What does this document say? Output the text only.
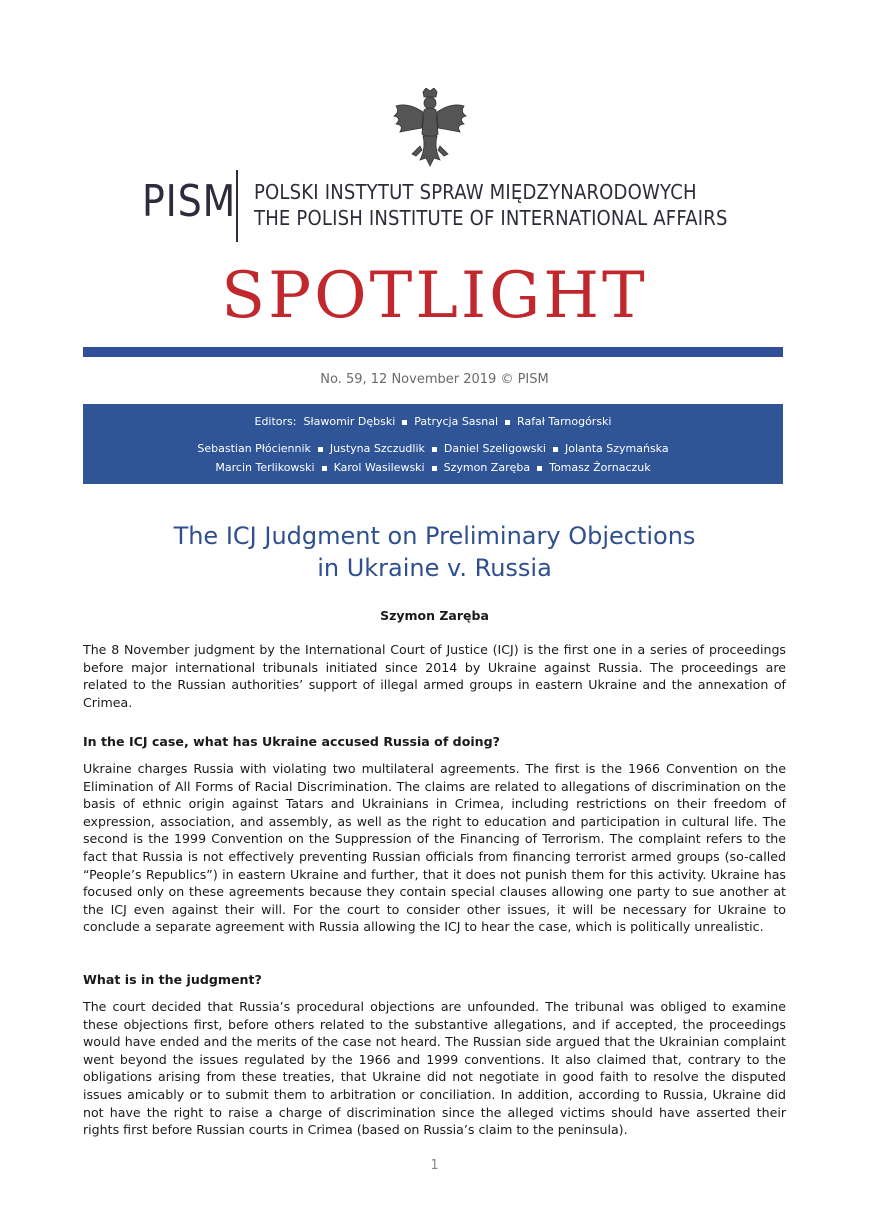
PISM POLSKI INSTYTUT SPRAW MIĘDZYNARODOWYCH
THE POLISH INSTITUTE OF INTERNATIONAL AFFAIRS
SPOTLIGHT
No. 59, 12 November 2019 © PISM
Editors: Sławomir Dębski Patrycja Sasnal Rafał Tarnogórski
Sebastian Płóciennik Justyna Szczudlik Daniel Szeligowski Jolanta Szymańska
Marcin Terlikowski Karol Wasilewski Szymon Zaręba Tomasz Żornaczuk
The ICJ Judgment on Preliminary Objections
in Ukraine v. Russia
Szymon Zaręba
The 8 November judgment by the International Court of Justice (ICJ) is the first one in a series of proceedings before major international tribunals initiated since 2014 by Ukraine against Russia. The proceedings are related to the Russian authorities’ support of illegal armed groups in eastern Ukraine and the annexation of Crimea.
In the ICJ case, what has Ukraine accused Russia of doing?
Ukraine charges Russia with violating two multilateral agreements. The first is the 1966 Convention on the Elimination of All Forms of Racial Discrimination. The claims are related to allegations of discrimination on the basis of ethnic origin against Tatars and Ukrainians in Crimea, including restrictions on their freedom of expression, association, and assembly, as well as the right to education and participation in cultural life. The second is the 1999 Convention on the Suppression of the Financing of Terrorism. The complaint refers to the fact that Russia is not effectively preventing Russian officials from financing terrorist armed groups (so-called “People’s Republics”) in eastern Ukraine and further, that it does not punish them for this activity. Ukraine has focused only on these agreements because they contain special clauses allowing one party to sue another at the ICJ even against their will. For the court to consider other issues, it will be necessary for Ukraine to conclude a separate agreement with Russia allowing the ICJ to hear the case, which is politically unrealistic.
What is in the judgment?
The court decided that Russia’s procedural objections are unfounded. The tribunal was obliged to examine these objections first, before others related to the substantive allegations, and if accepted, the proceedings would have ended and the merits of the case not heard. The Russian side argued that the Ukrainian complaint went beyond the issues regulated by the 1966 and 1999 conventions. It also claimed that, contrary to the obligations arising from these treaties, that Ukraine did not negotiate in good faith to resolve the disputed issues amicably or to submit them to arbitration or conciliation. In addition, according to Russia, Ukraine did not have the right to raise a charge of discrimination since the alleged victims should have asserted their rights first before Russian courts in Crimea (based on Russia’s claim to the peninsula).
1
